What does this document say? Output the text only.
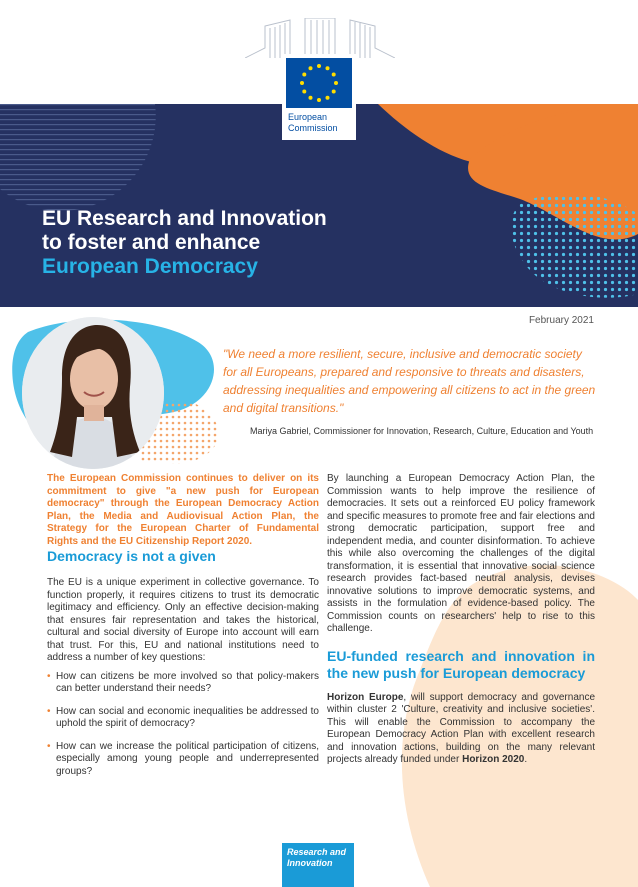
European
Commission
EU Research and Innovation
to foster and enhance
European Democracy
February 2021
"We need a more resilient, secure, inclusive and democratic society for all Europeans, prepared and responsive to threats and disasters, addressing inequalities and empowering all citizens to act in the green and digital transitions."
Mariya Gabriel, Commissioner for Innovation, Research, Culture, Education and Youth

The European Commission continues to deliver on its commitment to give "a new push for European democracy" through the European Democracy Action Plan, the Media and Audiovisual Action Plan, the Strategy for the European Charter of Fundamental Rights and the EU Citizenship Report 2020.

Democracy is not a given

The EU is a unique experiment in collective governance. To function properly, it requires citizens to trust its democratic legitimacy and efficiency. Only an effective decision-making that ensures fair representation and takes the historical, cultural and social diversity of Europe into account will earn that trust. For this, EU and national institutions need to address a number of key questions:

• How can citizens be more involved so that policy-makers can better understand their needs?
• How can social and economic inequalities be addressed to uphold the spirit of democracy?
• How can we increase the political participation of citizens, especially among young people and underrepresented groups?

By launching a European Democracy Action Plan, the Commission wants to help improve the resilience of democracies. It sets out a reinforced EU policy framework and specific measures to promote free and fair elections and strong democratic participation, support free and independent media, and counter disinformation. To achieve this while also overcoming the challenges of the digital transformation, it is essential that innovative social science research provides fact-based neutral analysis, devises innovative solutions to improve democratic systems, and assists in the formulation of evidence-based policy. The Commission counts on researchers' help to rise to this challenge.

EU-funded research and innovation in the new push for European democracy

Horizon Europe, will support democracy and governance within cluster 2 'Culture, creativity and inclusive societies'. This will enable the Commission to accompany the European Democracy Action Plan with excellent research and innovation actions, building on the many relevant projects already funded under Horizon 2020.

Research and
Innovation
